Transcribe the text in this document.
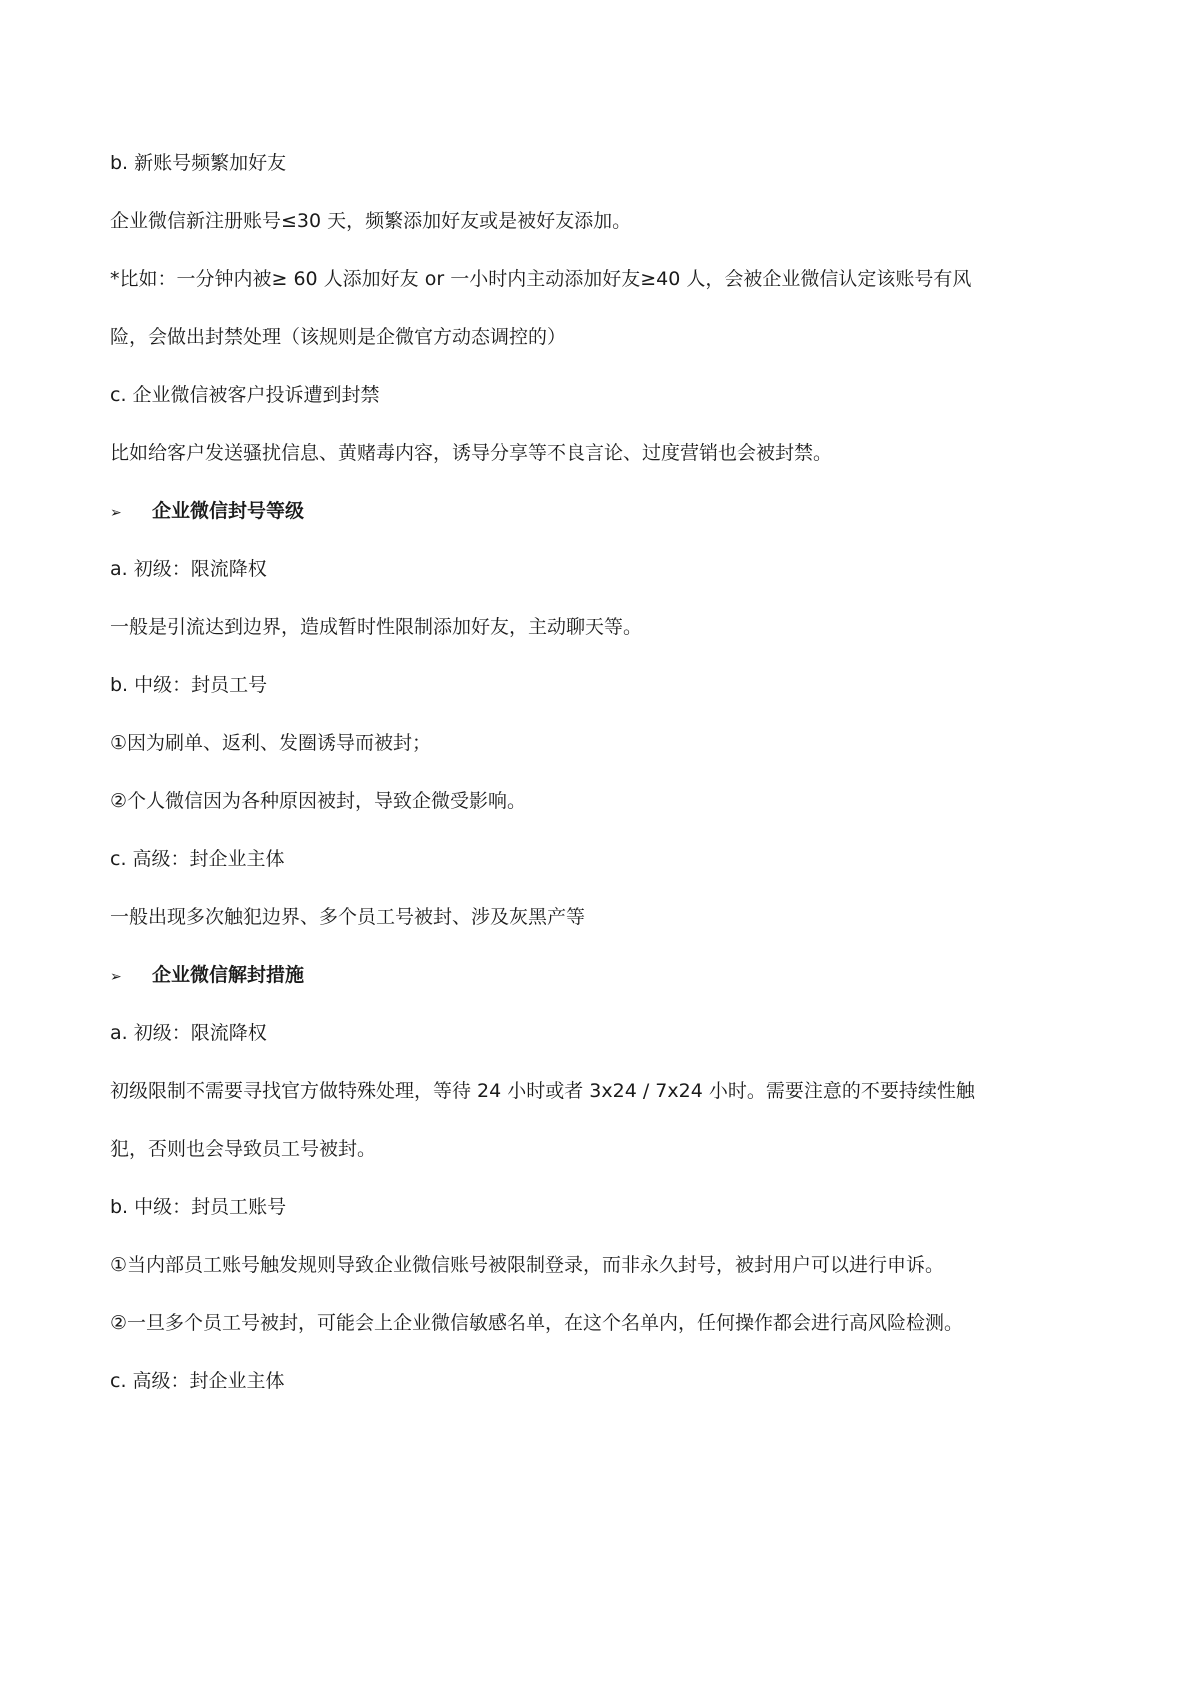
b. 新账号频繁加好友
企业微信新注册账号≤30 天，频繁添加好友或是被好友添加。
*比如：一分钟内被≥ 60 人添加好友 or 一小时内主动添加好友≥40 人，会被企业微信认定该账号有风
险，会做出封禁处理（该规则是企微官方动态调控的）
c. 企业微信被客户投诉遭到封禁
比如给客户发送骚扰信息、黄赌毒内容，诱导分享等不良言论、过度营销也会被封禁。
➢ 企业微信封号等级
a. 初级：限流降权
一般是引流达到边界，造成暂时性限制添加好友，主动聊天等。
b. 中级：封员工号
①因为刷单、返利、发圈诱导而被封；
②个人微信因为各种原因被封，导致企微受影响。
c. 高级：封企业主体
一般出现多次触犯边界、多个员工号被封、涉及灰黑产等
➢ 企业微信解封措施
a. 初级：限流降权
初级限制不需要寻找官方做特殊处理，等待 24 小时或者 3x24 / 7x24 小时。需要注意的不要持续性触
犯，否则也会导致员工号被封。
b. 中级：封员工账号
①当内部员工账号触发规则导致企业微信账号被限制登录，而非永久封号，被封用户可以进行申诉。
②一旦多个员工号被封，可能会上企业微信敏感名单，在这个名单内，任何操作都会进行高风险检测。
c. 高级：封企业主体
